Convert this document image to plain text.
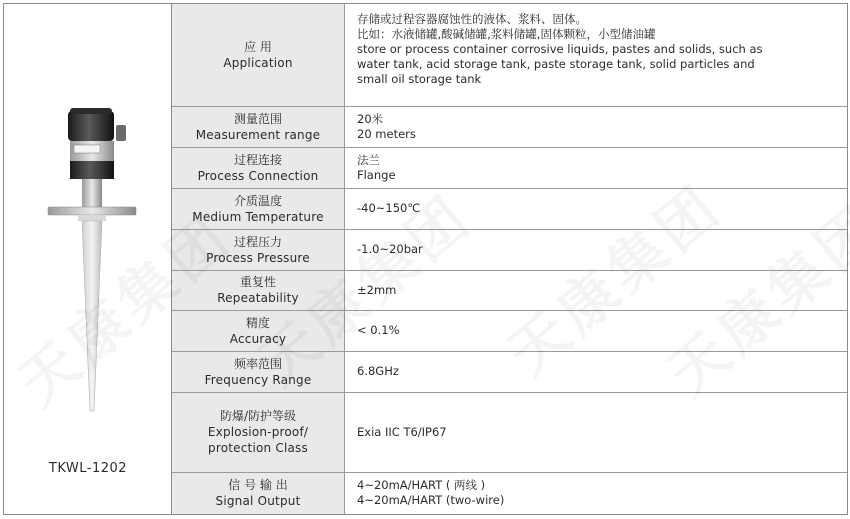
TKWL-1202
应 用
Application	存储或过程容器腐蚀性的液体、浆料、固体。
比如：水液储罐,酸碱储罐,浆料储罐,固体颗粒，小型储油罐
store or process container corrosive liquids, pastes and solids, such as
water tank, acid storage tank, paste storage tank, solid particles and
small oil storage tank

测量范围
Measurement range	20米
20 meters

过程连接
Process Connection	法兰
Flange

介质温度
Medium Temperature	-40~150℃

过程压力
Process Pressure	-1.0~20bar

重复性
Repeatability	±2mm

精度
Accuracy	< 0.1%

频率范围
Frequency Range	6.8GHz

防爆/防护等级
Explosion-proof/ protection Class	Exia IIC T6/IP67

信 号 输 出
Signal Output	4~20mA/HART ( 两线 )
4~20mA/HART (two-wire)
